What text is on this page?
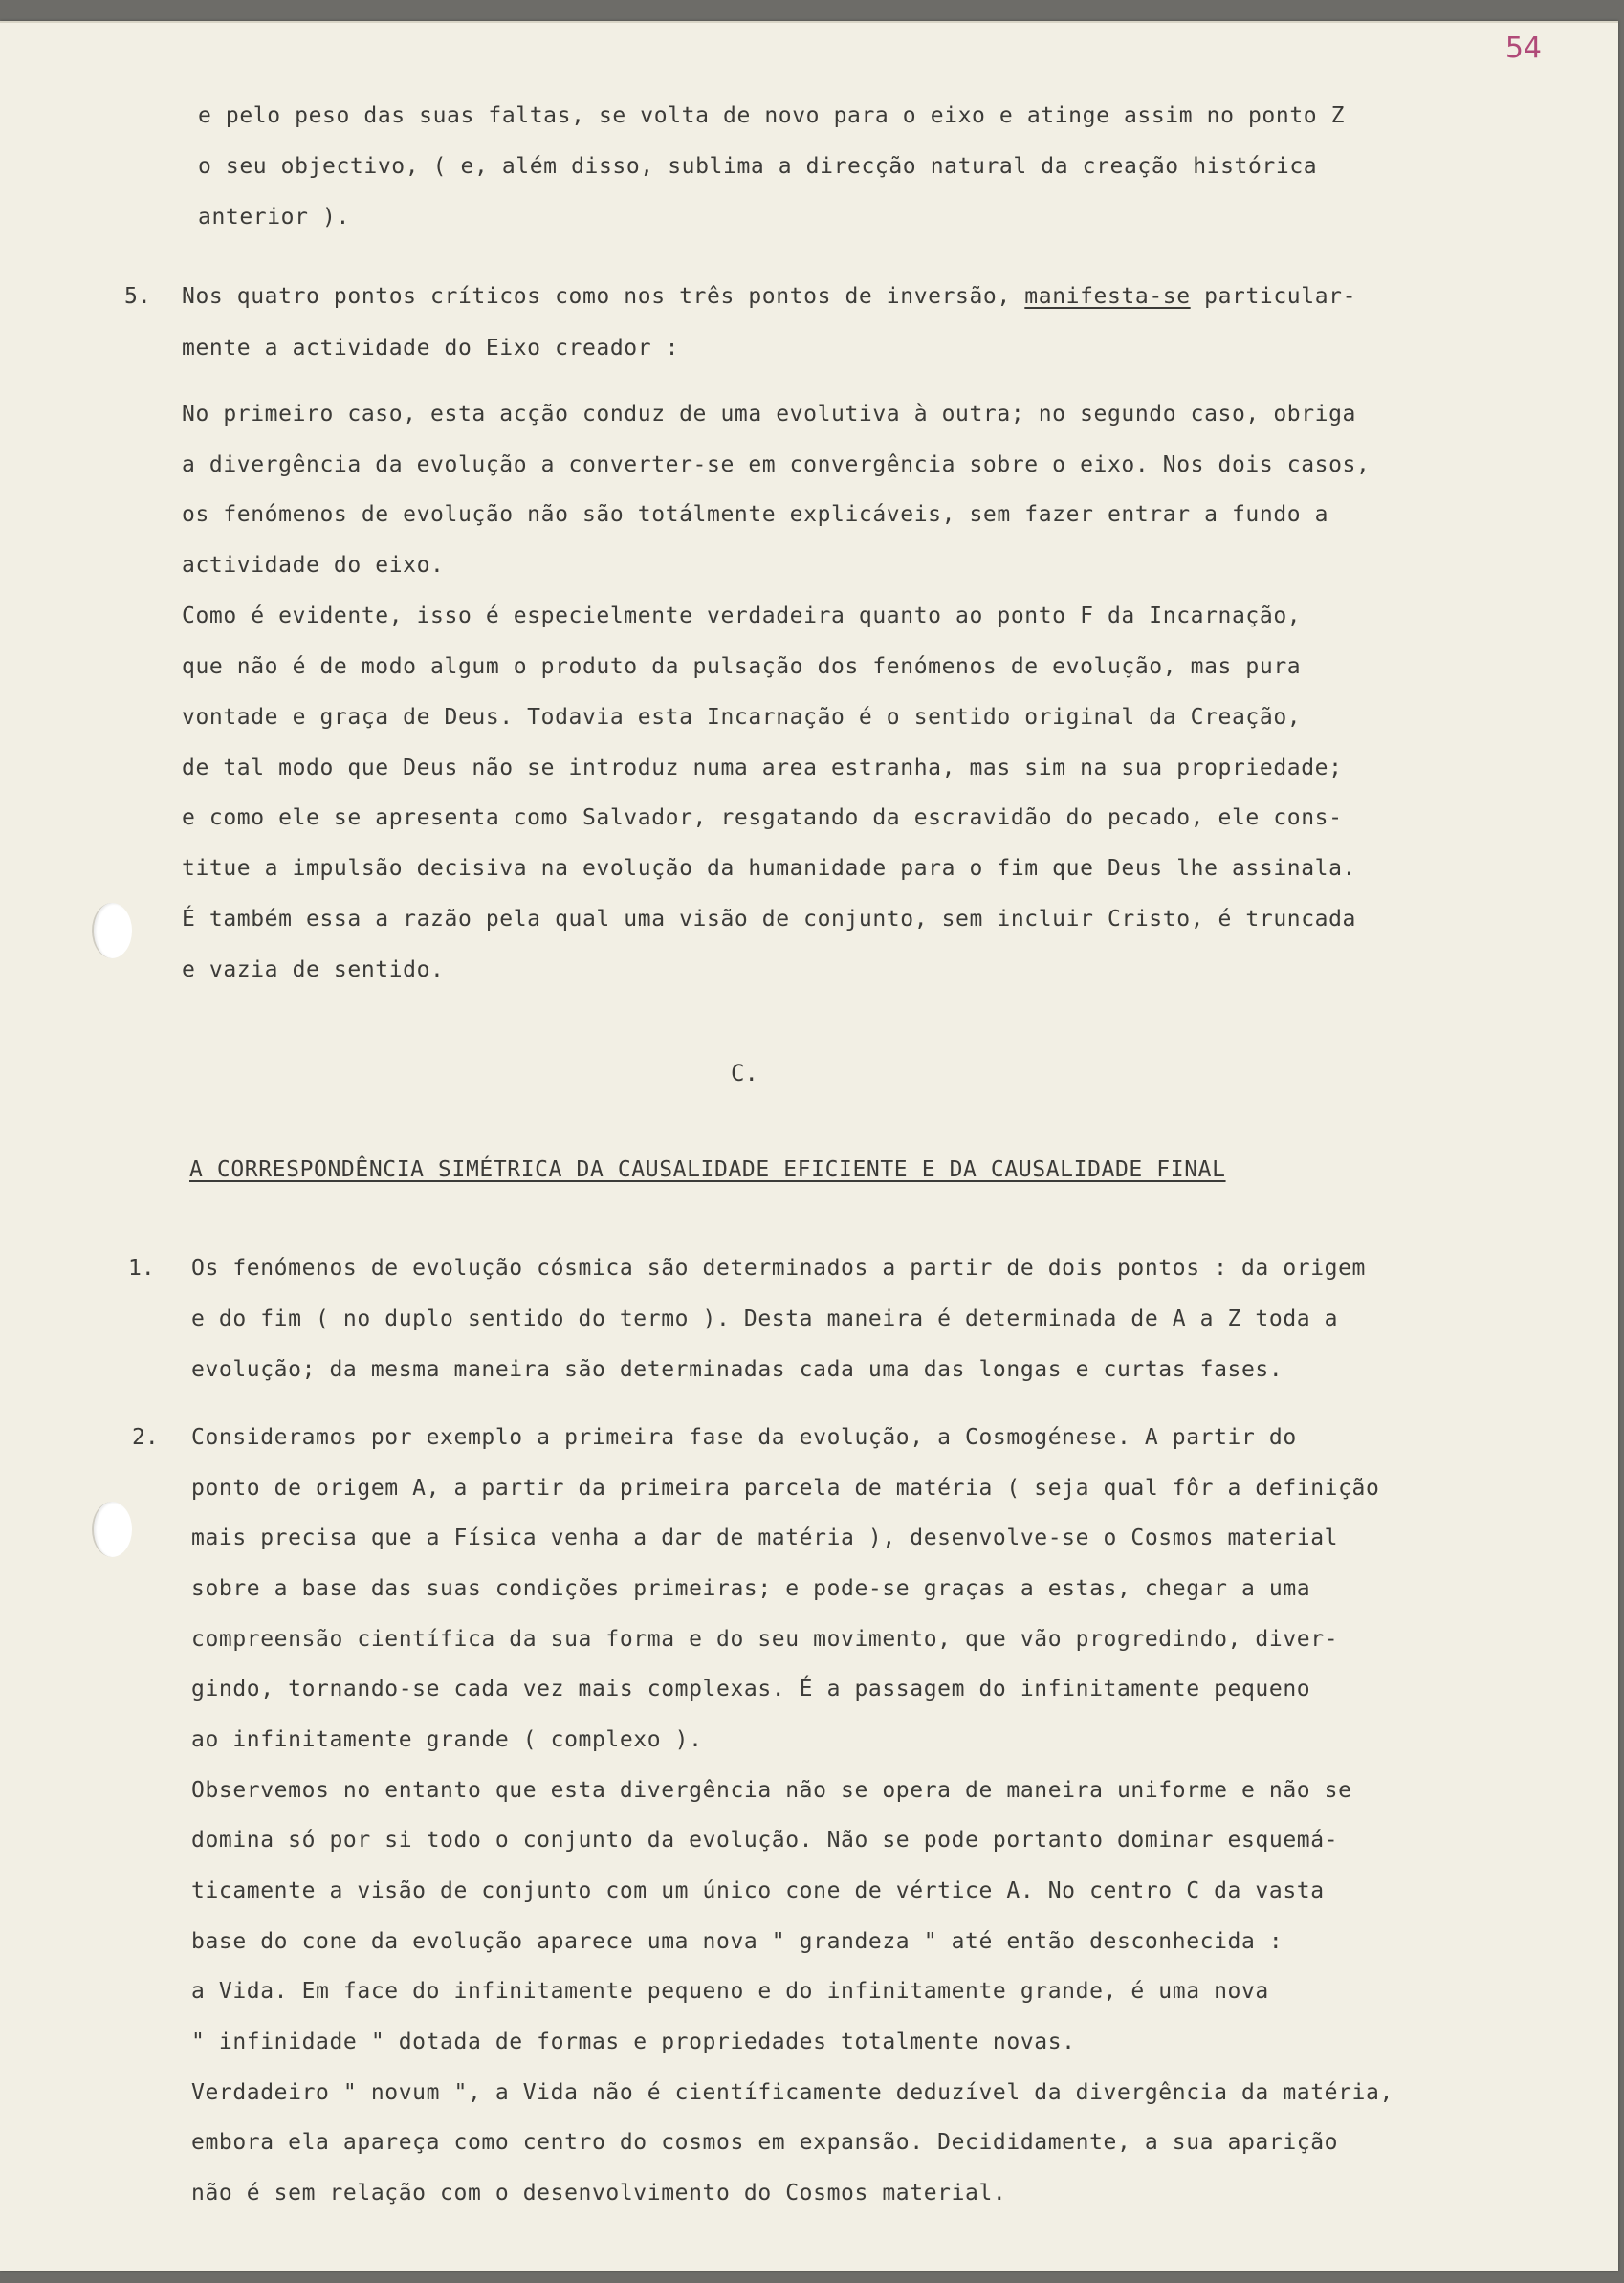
54

e pelo peso das suas faltas, se volta de novo para o eixo e atinge assim no ponto Z

o seu objectivo, ( e, além disso, sublima a direcção natural da creação histórica

anterior ).

5. Nos quatro pontos críticos como nos três pontos de inversão, manifesta-se particular-

mente a actividade do Eixo creador :

No primeiro caso, esta acção conduz de uma evolutiva à outra; no segundo caso, obriga

a divergência da evolução a converter-se em convergência sobre o eixo. Nos dois casos,

os fenómenos de evolução não são totálmente explicáveis, sem fazer entrar a fundo a

actividade do eixo.

Como é evidente, isso é especielmente verdadeira quanto ao ponto F da Incarnação,

que não é de modo algum o produto da pulsação dos fenómenos de evolução, mas pura

vontade e graça de Deus. Todavia esta Incarnação é o sentido original da Creação,

de tal modo que Deus não se introduz numa area estranha, mas sim na sua propriedade;

e como ele se apresenta como Salvador, resgatando da escravidão do pecado, ele cons-

titue a impulsão decisiva na evolução da humanidade para o fim que Deus lhe assinala.

É também essa a razão pela qual uma visão de conjunto, sem incluir Cristo, é truncada

e vazia de sentido.

C.

A CORRESPONDÊNCIA SIMÉTRICA DA CAUSALIDADE EFICIENTE E DA CAUSALIDADE FINAL

1. Os fenómenos de evolução cósmica são determinados a partir de dois pontos : da origem

e do fim ( no duplo sentido do termo ). Desta maneira é determinada de A a Z toda a

evolução; da mesma maneira são determinadas cada uma das longas e curtas fases.

2. Consideramos por exemplo a primeira fase da evolução, a Cosmogénese. A partir do

ponto de origem A, a partir da primeira parcela de matéria ( seja qual fôr a definição

mais precisa que a Física venha a dar de matéria ), desenvolve-se o Cosmos material

sobre a base das suas condições primeiras; e pode-se graças a estas, chegar a uma

compreensão científica da sua forma e do seu movimento, que vão progredindo, diver-

gindo, tornando-se cada vez mais complexas. É a passagem do infinitamente pequeno

ao infinitamente grande ( complexo ).

Observemos no entanto que esta divergência não se opera de maneira uniforme e não se

domina só por si todo o conjunto da evolução. Não se pode portanto dominar esquemá-

ticamente a visão de conjunto com um único cone de vértice A. No centro C da vasta

base do cone da evolução aparece uma nova " grandeza " até então desconhecida :

a Vida. Em face do infinitamente pequeno e do infinitamente grande, é uma nova

" infinidade " dotada de formas e propriedades totalmente novas.

Verdadeiro " novum ", a Vida não é científicamente deduzível da divergência da matéria,

embora ela apareça como centro do cosmos em expansão. Decididamente, a sua aparição

não é sem relação com o desenvolvimento do Cosmos material.
